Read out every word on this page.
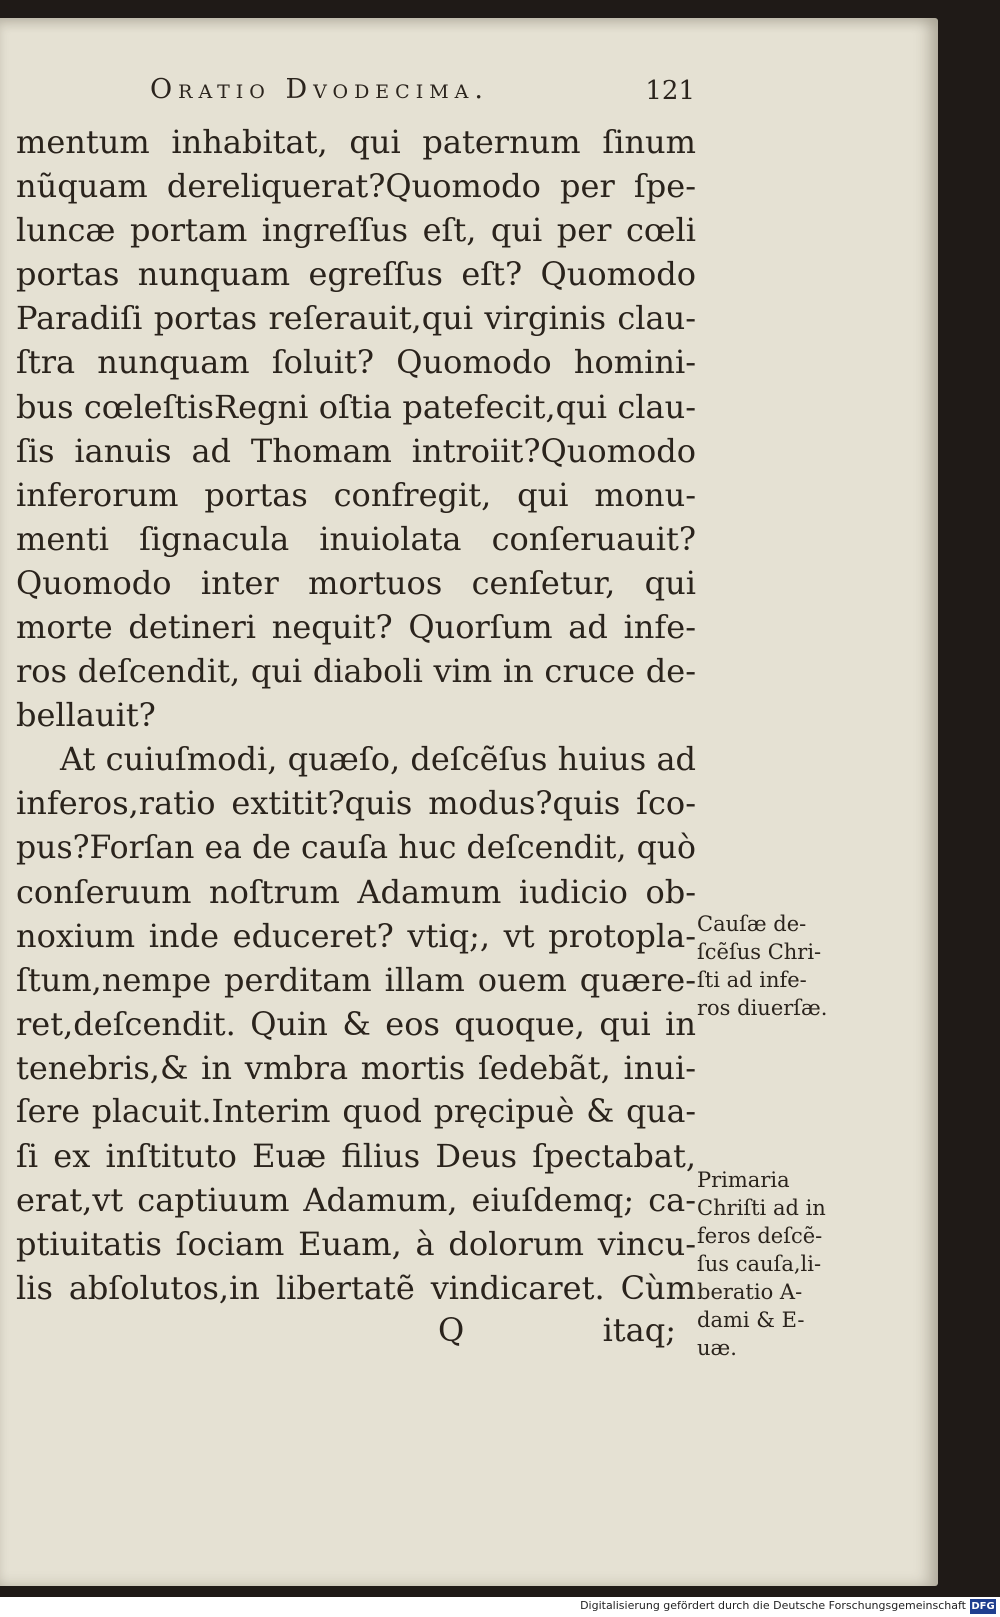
Oratio Dvodecima.	121
mentum inhabitat, qui paternum ſinum
nũquam dereliquerat?Quomodo per ſpe-
luncæ portam ingreſſus eſt, qui per cœli
portas nunquam egreſſus eſt? Quomodo
Paradiſi portas reſerauit,qui virginis clau-
ſtra nunquam ſoluit? Quomodo homini-
bus cœleſtisRegni oſtia patefecit,qui clau-
ſis ianuis ad Thomam introiit?Quomodo
inferorum portas confregit, qui monu-
menti ſignacula inuiolata conſeruauit?
Quomodo inter mortuos cenſetur, qui
morte detineri nequit? Quorſum ad infe-
ros deſcendit, qui diaboli vim in cruce de-
bellauit?
At cuiuſmodi, quæſo, deſcẽſus huius ad
inferos,ratio extitit?quis modus?quis ſco-
pus?Forſan ea de cauſa huc deſcendit, quò
conſeruum noſtrum Adamum iudicio ob-
noxium inde educeret? vtiq;, vt protopla-
ſtum,nempe perditam illam ouem quære-
ret,deſcendit. Quin & eos quoque, qui in
tenebris,& in vmbra mortis ſedebãt, inui-
ſere placuit.Interim quod pręcipuè & qua-
ſi ex inſtituto Euæ filius Deus ſpectabat,
erat,vt captiuum Adamum, eiuſdemq; ca-
ptiuitatis ſociam Euam, à dolorum vincu-
lis abſolutos,in libertatẽ vindicaret. Cùm
Q	itaq;
Cauſæ de-
ſcẽſus Chri-
ſti ad infe-
ros diuerſæ.
Primaria
Chriſti ad in
feros deſcẽ-
ſus cauſa,li-
beratio A-
dami & E-
uæ.
Digitalisierung gefördert durch die Deutsche Forschungsgemeinschaft DFG
